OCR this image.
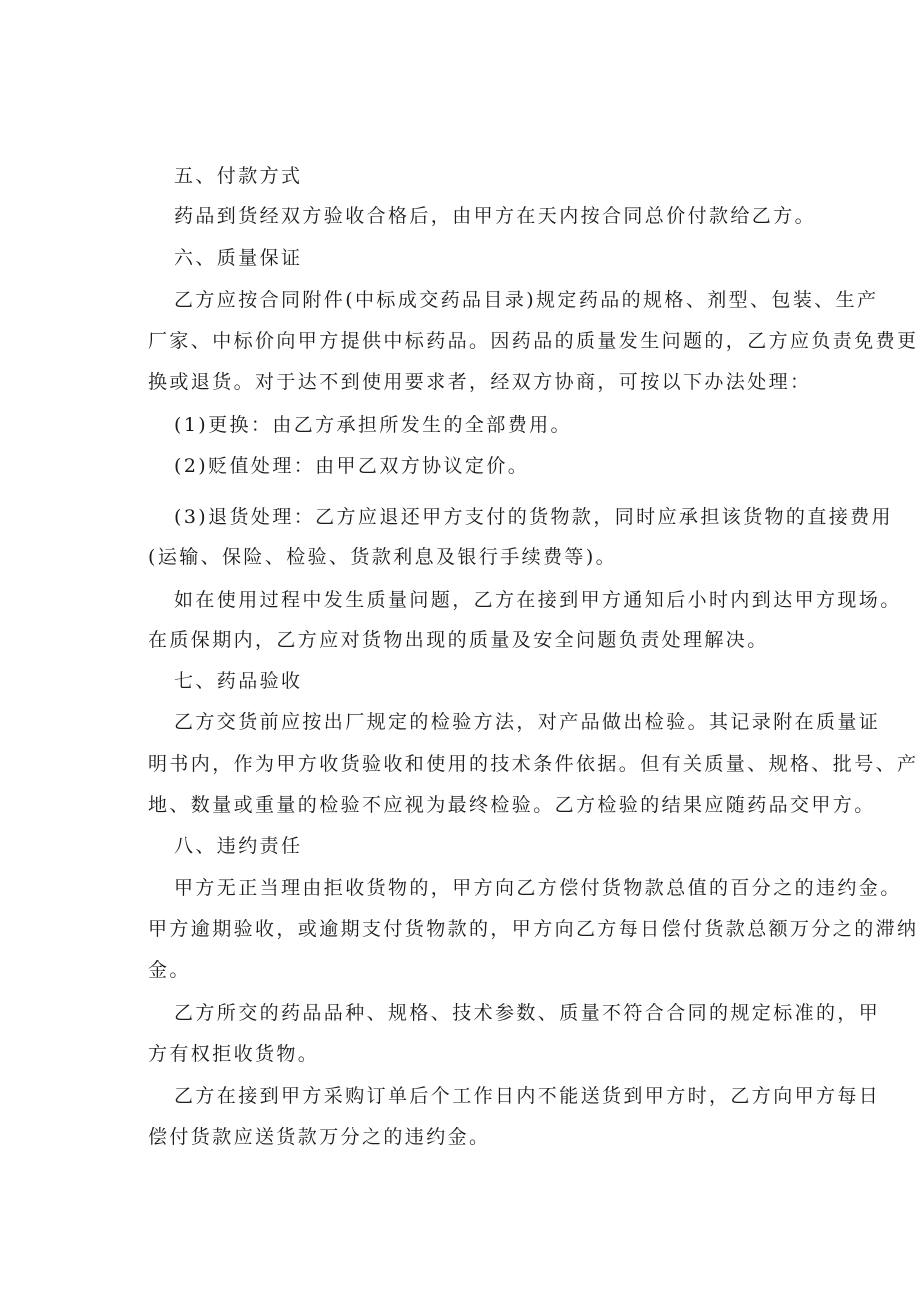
五、付款方式
药品到货经双方验收合格后，由甲方在天内按合同总价付款给乙方。
六、质量保证
乙方应按合同附件(中标成交药品目录)规定药品的规格、剂型、包装、生产
厂家、中标价向甲方提供中标药品。因药品的质量发生问题的，乙方应负责免费更
换或退货。对于达不到使用要求者，经双方协商，可按以下办法处理：
(1)更换：由乙方承担所发生的全部费用。
(2)贬值处理：由甲乙双方协议定价。
(3)退货处理：乙方应退还甲方支付的货物款，同时应承担该货物的直接费用
(运输、保险、检验、货款利息及银行手续费等)。
如在使用过程中发生质量问题，乙方在接到甲方通知后小时内到达甲方现场。
在质保期内，乙方应对货物出现的质量及安全问题负责处理解决。
七、药品验收
乙方交货前应按出厂规定的检验方法，对产品做出检验。其记录附在质量证
明书内，作为甲方收货验收和使用的技术条件依据。但有关质量、规格、批号、产
地、数量或重量的检验不应视为最终检验。乙方检验的结果应随药品交甲方。
八、违约责任
甲方无正当理由拒收货物的，甲方向乙方偿付货物款总值的百分之的违约金。
甲方逾期验收，或逾期支付货物款的，甲方向乙方每日偿付货款总额万分之的滞纳
金。
乙方所交的药品品种、规格、技术参数、质量不符合合同的规定标准的，甲
方有权拒收货物。
乙方在接到甲方采购订单后个工作日内不能送货到甲方时，乙方向甲方每日
偿付货款应送货款万分之的违约金。
